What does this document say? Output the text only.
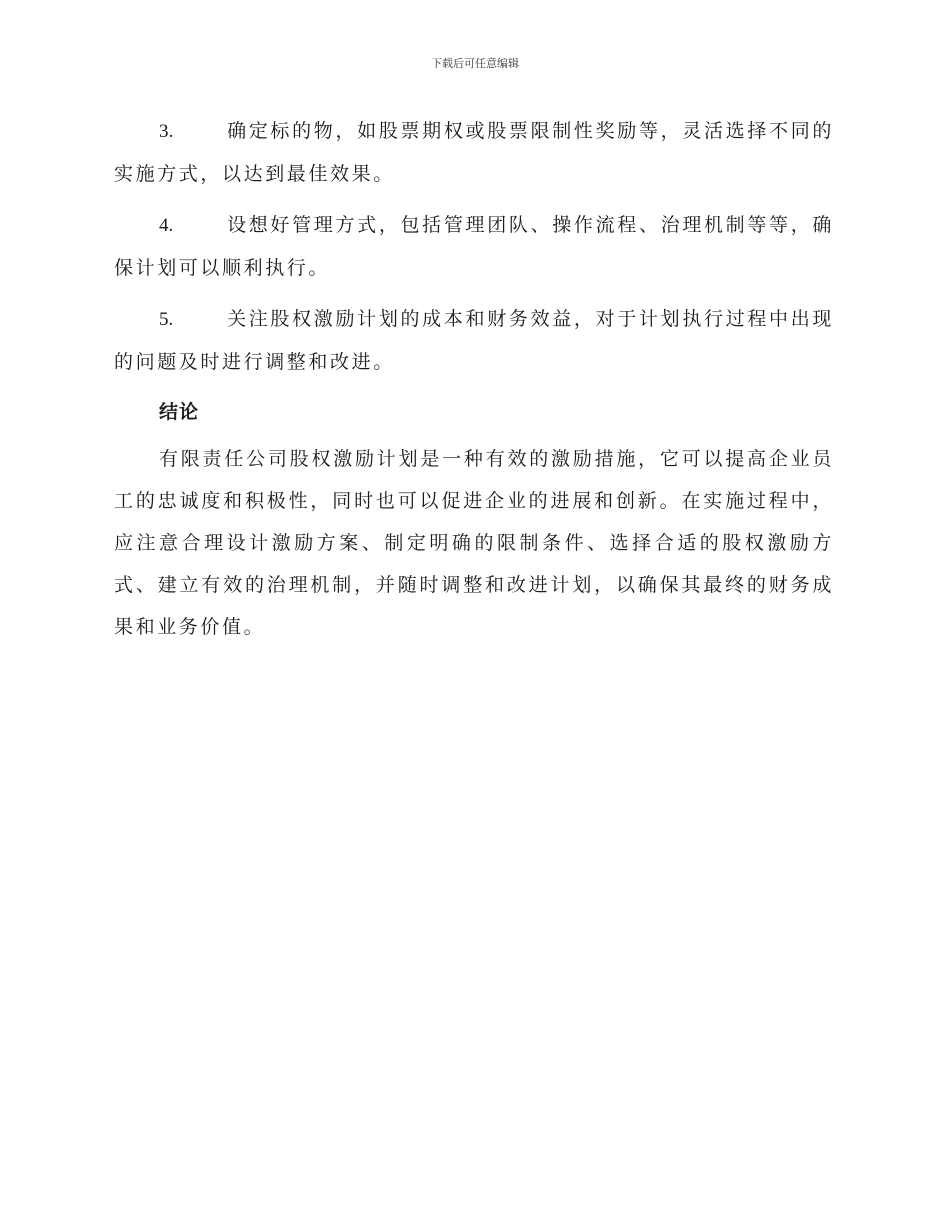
下载后可任意编辑

3.	确定标的物，如股票期权或股票限制性奖励等，灵活选择不同的实施方式，以达到最佳效果。

4.	设想好管理方式，包括管理团队、操作流程、治理机制等等，确保计划可以顺利执行。

5.	关注股权激励计划的成本和财务效益，对于计划执行过程中出现的问题及时进行调整和改进。

结论

有限责任公司股权激励计划是一种有效的激励措施，它可以提高企业员工的忠诚度和积极性，同时也可以促进企业的进展和创新。在实施过程中，应注意合理设计激励方案、制定明确的限制条件、选择合适的股权激励方式、建立有效的治理机制，并随时调整和改进计划，以确保其最终的财务成果和业务价值。
